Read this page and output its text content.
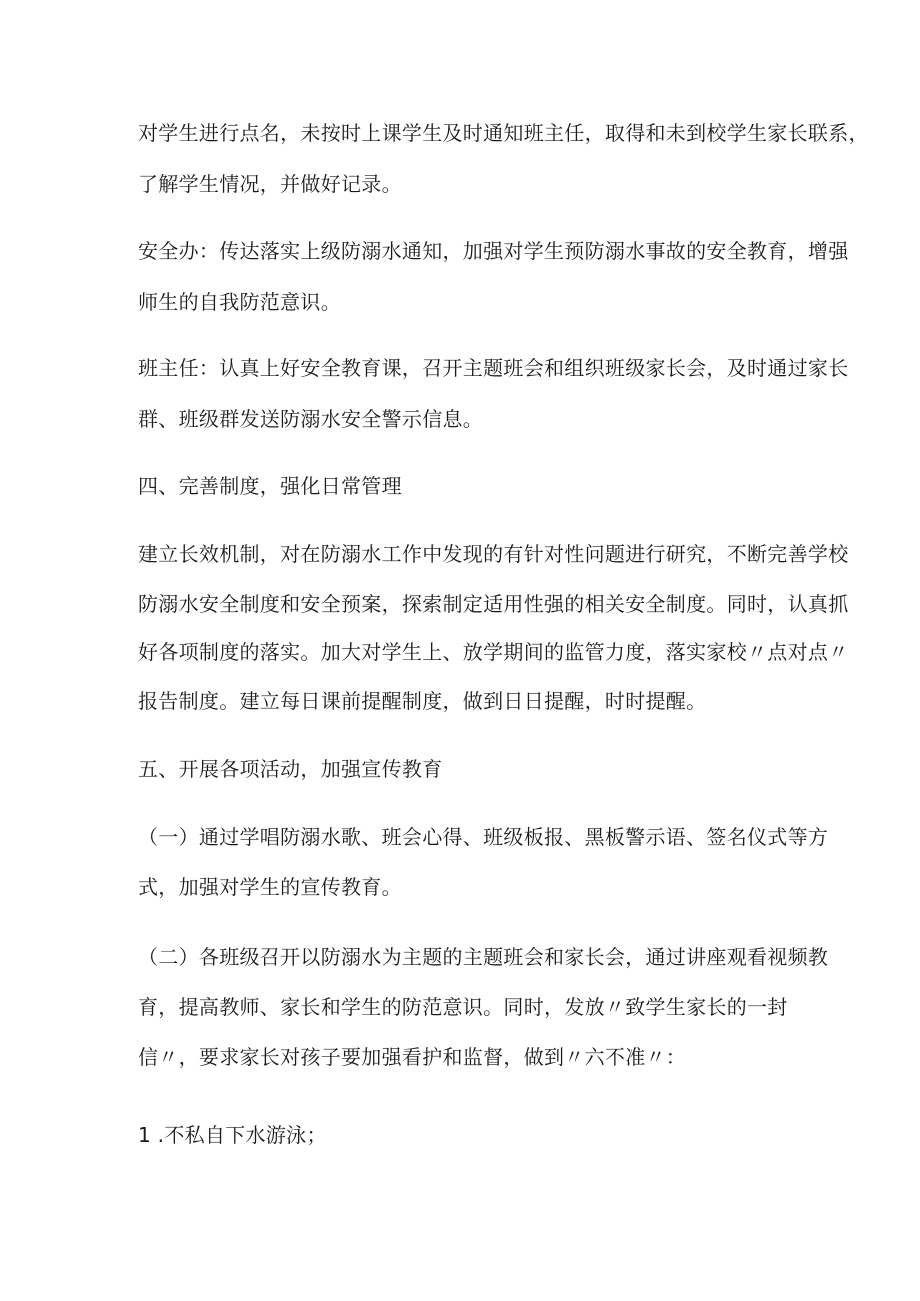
对学生进行点名，未按时上课学生及时通知班主任，取得和未到校学生家长联系，
了解学生情况，并做好记录。
安全办：传达落实上级防溺水通知，加强对学生预防溺水事故的安全教育，增强
师生的自我防范意识。
班主任：认真上好安全教育课，召开主题班会和组织班级家长会，及时通过家长
群、班级群发送防溺水安全警示信息。
四、完善制度，强化日常管理
建立长效机制，对在防溺水工作中发现的有针对性问题进行研究，不断完善学校
防溺水安全制度和安全预案，探索制定适用性强的相关安全制度。同时，认真抓
好各项制度的落实。加大对学生上、放学期间的监管力度，落实家校〃点对点〃
报告制度。建立每日课前提醒制度，做到日日提醒，时时提醒。
五、开展各项活动，加强宣传教育
（一）通过学唱防溺水歌、班会心得、班级板报、黑板警示语、签名仪式等方
式，加强对学生的宣传教育。
（二）各班级召开以防溺水为主题的主题班会和家长会，通过讲座观看视频教
育，提高教师、家长和学生的防范意识。同时，发放〃致学生家长的一封
信〃，要求家长对孩子要加强看护和监督，做到〃六不准〃：
1 .不私自下水游泳；
